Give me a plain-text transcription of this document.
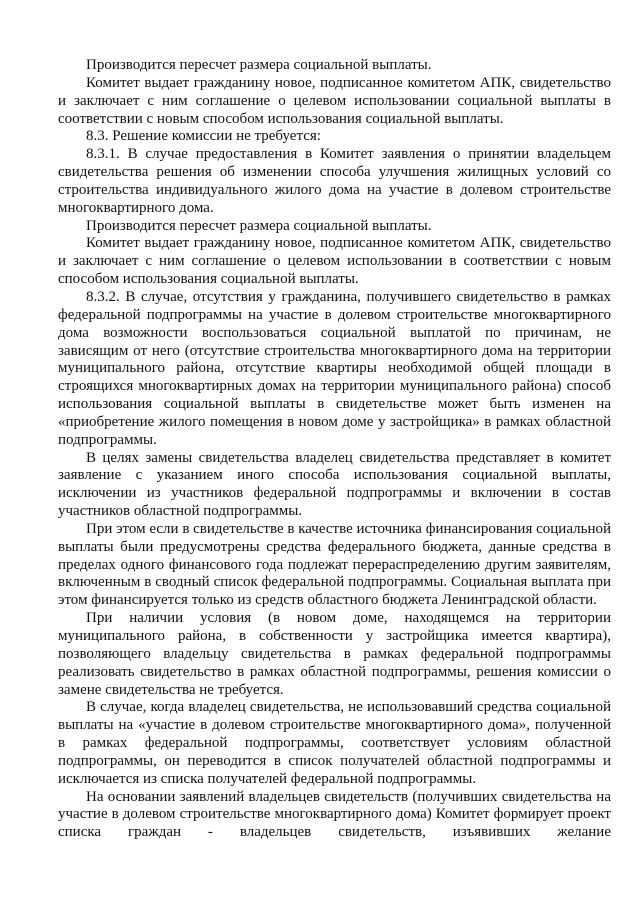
Производится пересчет размера социальной выплаты.

Комитет выдает гражданину новое, подписанное комитетом АПК, свидетельство и заключает с ним соглашение о целевом использовании социальной выплаты в соответствии с новым способом использования социальной выплаты.

8.3. Решение комиссии не требуется:

8.3.1. В случае предоставления в Комитет заявления о принятии владельцем свидетельства решения об изменении способа улучшения жилищных условий со строительства индивидуального жилого дома на участие в долевом строительстве многоквартирного дома.

Производится пересчет размера социальной выплаты.

Комитет выдает гражданину новое, подписанное комитетом АПК, свидетельство и заключает с ним соглашение о целевом использовании в соответствии с новым способом использования социальной выплаты.

8.3.2. В случае, отсутствия у гражданина, получившего свидетельство в рамках федеральной подпрограммы на участие в долевом строительстве многоквартирного дома возможности воспользоваться социальной выплатой по причинам, не зависящим от него (отсутствие строительства многоквартирного дома на территории муниципального района, отсутствие квартиры необходимой общей площади в строящихся многоквартирных домах на территории муниципального района) способ использования социальной выплаты в свидетельстве может быть изменен на «приобретение жилого помещения в новом доме у застройщика» в рамках областной подпрограммы.

В целях замены свидетельства владелец свидетельства представляет в комитет заявление с указанием иного способа использования социальной выплаты, исключении из участников федеральной подпрограммы и включении в состав участников областной подпрограммы.

При этом если в свидетельстве в качестве источника финансирования социальной выплаты были предусмотрены средства федерального бюджета, данные средства в пределах одного финансового года подлежат перераспределению другим заявителям, включенным в сводный список федеральной подпрограммы. Социальная выплата при этом финансируется только из средств областного бюджета Ленинградской области.

При наличии условия (в новом доме, находящемся на территории муниципального района, в собственности у застройщика имеется квартира), позволяющего владельцу свидетельства в рамках федеральной подпрограммы реализовать свидетельство в рамках областной подпрограммы, решения комиссии о замене свидетельства не требуется.

В случае, когда владелец свидетельства, не использовавший средства социальной выплаты на «участие в долевом строительстве многоквартирного дома», полученной в рамках федеральной подпрограммы, соответствует условиям областной подпрограммы, он переводится в список получателей областной подпрограммы и исключается из списка получателей федеральной подпрограммы.

На основании заявлений владельцев свидетельств (получивших свидетельства на участие в долевом строительстве многоквартирного дома) Комитет формирует проект списка граждан - владельцев свидетельств, изъявивших желание
